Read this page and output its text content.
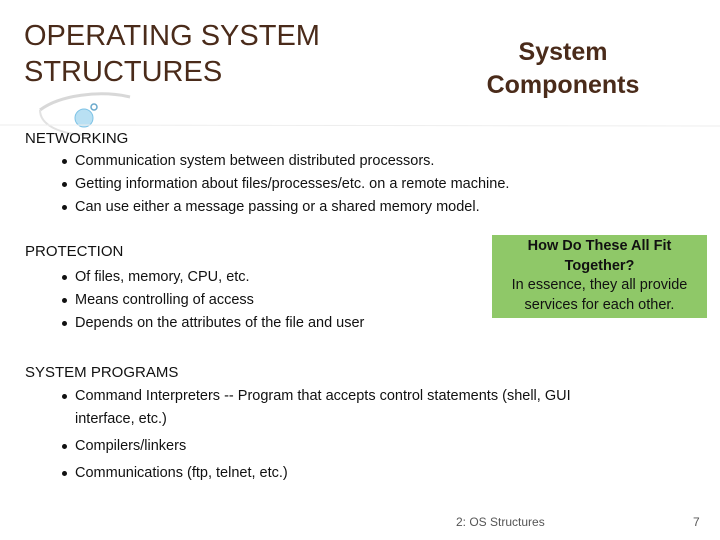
OPERATING SYSTEM
STRUCTURES
System
Components
NETWORKING
Communication system between distributed processors.
Getting information about files/processes/etc. on a remote machine.
Can use either a message passing or a shared memory model.
PROTECTION
Of files, memory, CPU, etc.
Means controlling of access
Depends on the attributes of the file and user
How Do These All Fit Together?
In essence, they all provide services for each other.
SYSTEM PROGRAMS
Command Interpreters -- Program that accepts control statements (shell, GUI interface, etc.)
Compilers/linkers
Communications (ftp, telnet, etc.)
2: OS Structures	7
